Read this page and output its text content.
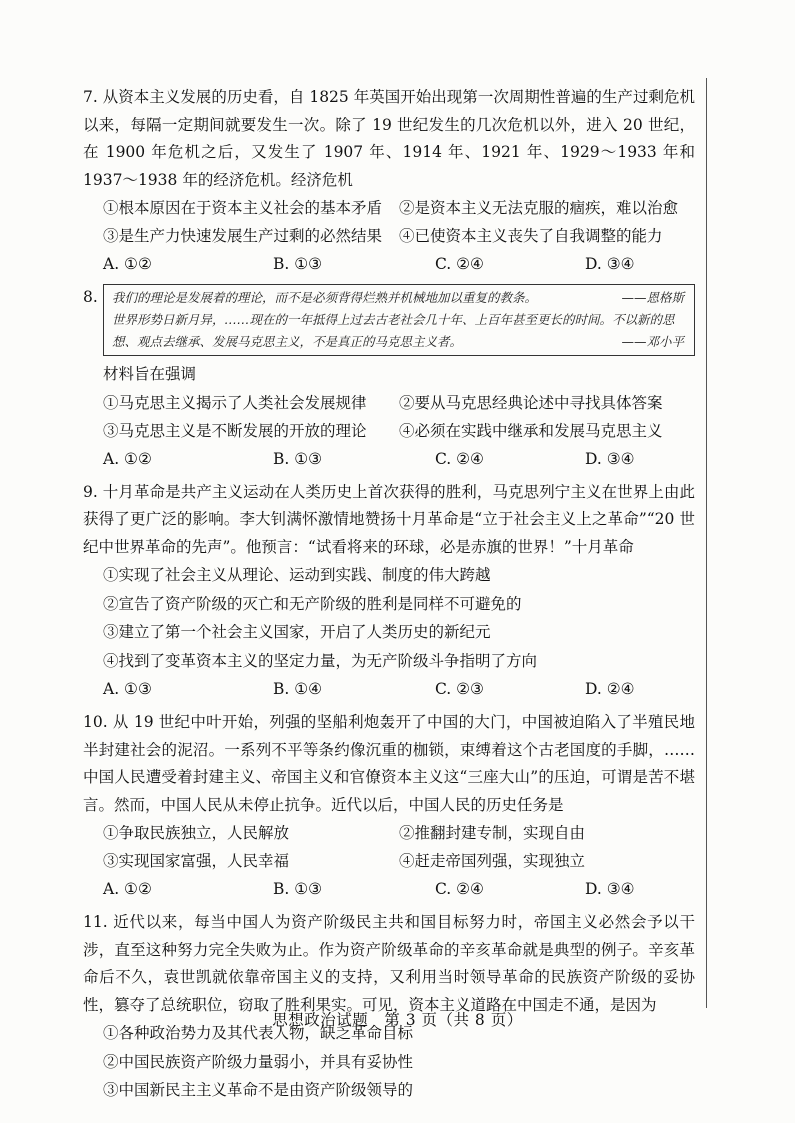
7. 从资本主义发展的历史看，自 1825 年英国开始出现第一次周期性普遍的生产过剩危机以来，每隔一定期间就要发生一次。除了 19 世纪发生的几次危机以外，进入 20 世纪，在 1900 年危机之后，又发生了 1907 年、1914 年、1921 年、1929～1933 年和 1937～1938 年的经济危机。经济危机
①根本原因在于资本主义社会的基本矛盾	②是资本主义无法克服的痼疾，难以治愈
③是生产力快速发展生产过剩的必然结果	④已使资本主义丧失了自我调整的能力
A. ①②	B. ①③	C. ②④	D. ③④
8.	——恩格斯
我们的理论是发展着的理论，而不是必须背得烂熟并机械地加以重复的教条。

世界形势日新月异，……现在的一年抵得上过去古老社会几十年、上百年甚至更长的时间。不以新的思想、观点去继承、发展马克思主义，不是真正的马克思主义者。	——邓小平

材料旨在强调
①马克思主义揭示了人类社会发展规律	②要从马克思经典论述中寻找具体答案
③马克思主义是不断发展的开放的理论	④必须在实践中继承和发展马克思主义
A. ①②	B. ①③	C. ②④	D. ③④
9. 十月革命是共产主义运动在人类历史上首次获得的胜利，马克思列宁主义在世界上由此获得了更广泛的影响。李大钊满怀激情地赞扬十月革命是“立于社会主义上之革命”“20 世纪中世界革命的先声”。他预言：“试看将来的环球，必是赤旗的世界！”十月革命
①实现了社会主义从理论、运动到实践、制度的伟大跨越
②宣告了资产阶级的灭亡和无产阶级的胜利是同样不可避免的
③建立了第一个社会主义国家，开启了人类历史的新纪元
④找到了变革资本主义的坚定力量，为无产阶级斗争指明了方向
A. ①③	B. ①④	C. ②③	D. ②④
10. 从 19 世纪中叶开始，列强的坚船利炮轰开了中国的大门，中国被迫陷入了半殖民地半封建社会的泥沼。一系列不平等条约像沉重的枷锁，束缚着这个古老国度的手脚，……中国人民遭受着封建主义、帝国主义和官僚资本主义这“三座大山”的压迫，可谓是苦不堪言。然而，中国人民从未停止抗争。近代以后，中国人民的历史任务是
①争取民族独立，人民解放	②推翻封建专制，实现自由
③实现国家富强，人民幸福	④赶走帝国列强，实现独立
A. ①②	B. ①③	C. ②④	D. ③④
11. 近代以来，每当中国人为资产阶级民主共和国目标努力时，帝国主义必然会予以干涉，直至这种努力完全失败为止。作为资产阶级革命的辛亥革命就是典型的例子。辛亥革命后不久，袁世凯就依靠帝国主义的支持，又利用当时领导革命的民族资产阶级的妥协性，篡夺了总统职位，窃取了胜利果实。可见，资本主义道路在中国走不通，是因为
①各种政治势力及其代表人物，缺乏革命目标
②中国民族资产阶级力量弱小，并具有妥协性
③中国新民主主义革命不是由资产阶级领导的
思想政治试题　第 3 页（共 8 页）
